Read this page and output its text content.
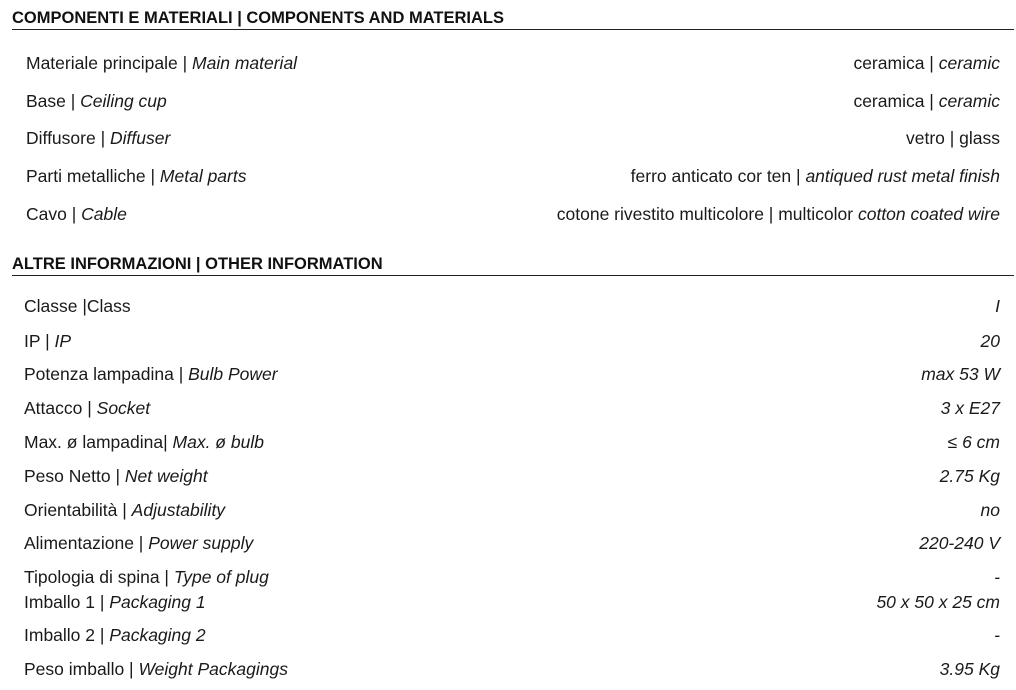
COMPONENTI E MATERIALI | COMPONENTS AND MATERIALS
Materiale principale | Main material	ceramica | ceramic
Base | Ceiling cup	ceramica | ceramic
Diffusore | Diffuser	vetro | glass
Parti metalliche | Metal parts	ferro anticato cor ten | antiqued rust metal finish
Cavo | Cable	cotone rivestito multicolore | multicolor cotton coated wire
ALTRE INFORMAZIONI | OTHER INFORMATION
Classe |Class	I
IP | IP	20
Potenza lampadina | Bulb Power	max 53 W
Attacco | Socket	3 x E27
Max. ø lampadina| Max. ø bulb	≤ 6 cm
Peso Netto | Net weight	2.75 Kg
Orientabilità | Adjustability	no
Alimentazione | Power supply	220-240 V
Tipologia di spina | Type of plug	-
Imballo 1 | Packaging 1	50 x 50 x 25 cm
Imballo 2 | Packaging 2	-
Peso imballo | Weight Packagings	3.95 Kg
